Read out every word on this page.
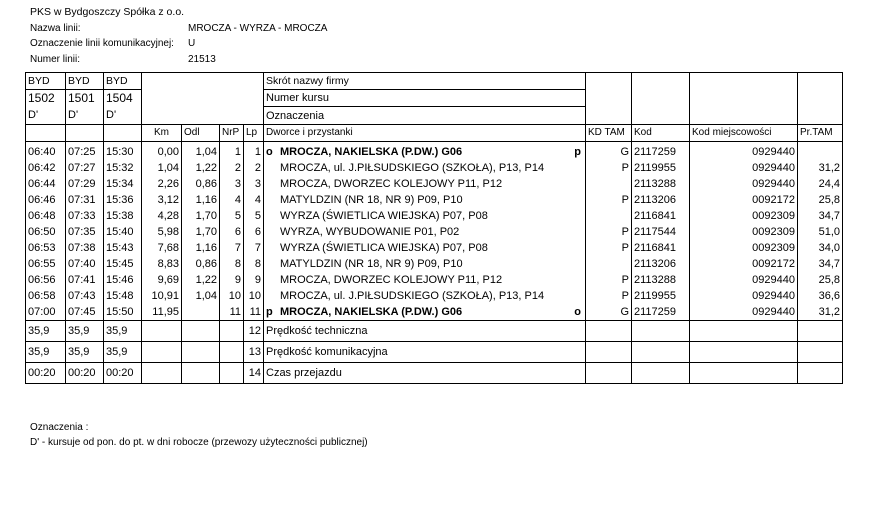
PKS w Bydgoszczy Spółka z o.o.
Nazwa linii:	MROCZA - WYRZA - MROCZA
Oznaczenie linii komunikacyjnej:	U
Numer linii:	21513
BYD	BYD	BYD					Skrót nazwy firmy				
1502	1501	1504					Numer kursu				
D'	D'	D'					Oznaczenia				
			Km	Odl	NrP	Lp	Dworce i przystanki	KD TAM	Kod	Kod miejscowości	Pr.TAM
06:40	07:25	15:30	0,00	1,04	1	1	o MROCZA, NAKIELSKA (P.DW.) G06 p	G	2117259	0929440	
06:42	07:27	15:32	1,04	1,22	2	2	MROCZA, ul. J.PIŁSUDSKIEGO (SZKOŁA), P13, P14	P	2119955	0929440	31,2
06:44	07:29	15:34	2,26	0,86	3	3	MROCZA, DWORZEC KOLEJOWY P11, P12		2113288	0929440	24,4
06:46	07:31	15:36	3,12	1,16	4	4	MATYLDZIN (NR 18, NR 9) P09, P10	P	2113206	0092172	25,8
06:48	07:33	15:38	4,28	1,70	5	5	WYRZA (ŚWIETLICA WIEJSKA) P07, P08		2116841	0092309	34,7
06:50	07:35	15:40	5,98	1,70	6	6	WYRZA, WYBUDOWANIE P01, P02	P	2117544	0092309	51,0
06:53	07:38	15:43	7,68	1,16	7	7	WYRZA (ŚWIETLICA WIEJSKA) P07, P08	P	2116841	0092309	34,0
06:55	07:40	15:45	8,83	0,86	8	8	MATYLDZIN (NR 18, NR 9) P09, P10		2113206	0092172	34,7
06:56	07:41	15:46	9,69	1,22	9	9	MROCZA, DWORZEC KOLEJOWY P11, P12	P	2113288	0929440	25,8
06:58	07:43	15:48	10,91	1,04	10	10	MROCZA, ul. J.PIŁSUDSKIEGO (SZKOŁA), P13, P14	P	2119955	0929440	36,6
07:00	07:45	15:50	11,95		11	11	p MROCZA, NAKIELSKA (P.DW.) G06 o	G	2117259	0929440	31,2
35,9	35,9	35,9				12	Prędkość techniczna				
35,9	35,9	35,9				13	Prędkość komunikacyjna				
00:20	00:20	00:20				14	Czas przejazdu				
Oznaczenia :
D' - kursuje od pon. do pt. w dni robocze (przewozy użyteczności publicznej)
